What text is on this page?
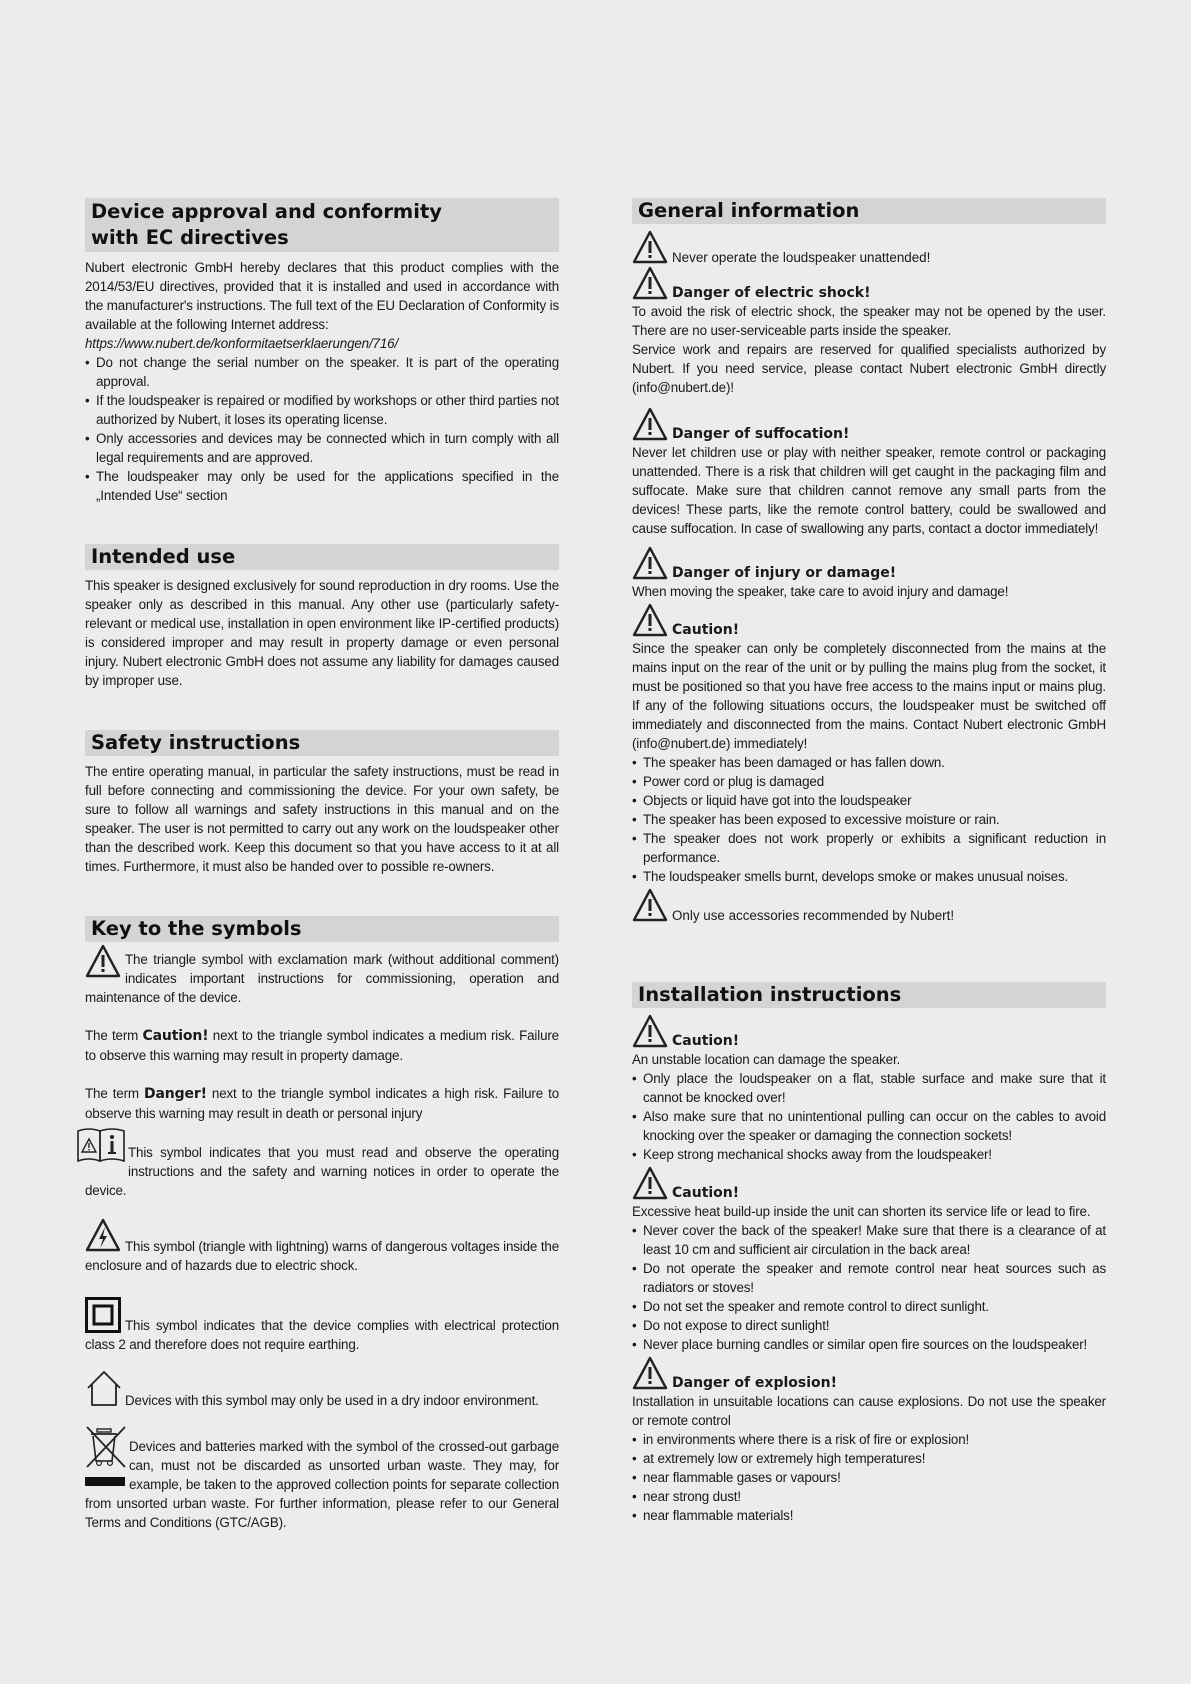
Device approval and conformity
with EC directives

Nubert electronic GmbH hereby declares that this product complies with the 2014/53/EU directives, provided that it is installed and used in accordance with the manufacturer's instructions. The full text of the EU Declaration of Conformity is available at the following Internet address:

https://www.nubert.de/konformitaetserklaerungen/716/

• Do not change the serial number on the speaker. It is part of the operating approval.
• If the loudspeaker is repaired or modified by workshops or other third parties not authorized by Nubert, it loses its operating license.
• Only accessories and devices may be connected which in turn comply with all legal requirements and are approved.
• The loudspeaker may only be used for the applications specified in the „Intended Use“ section
Intended use

This speaker is designed exclusively for sound reproduction in dry rooms. Use the speaker only as described in this manual. Any other use (particularly safety-relevant or medical use, installation in open environment like IP-certified products) is considered improper and may result in property damage or even personal injury. Nubert electronic GmbH does not assume any liability for damages caused by improper use.

Safety instructions

The entire operating manual, in particular the safety instructions, must be read in full before connecting and commissioning the device. For your own safety, be sure to follow all warnings and safety instructions in this manual and on the speaker. The user is not permitted to carry out any work on the loudspeaker other than the described work. Keep this document so that you have access to it at all times. Furthermore, it must also be handed over to possible re-owners.

Key to the symbols

The triangle symbol with exclamation mark (without additional comment) indicates important instructions for commissioning, operation and maintenance of the device.

The term Caution! next to the triangle symbol indicates a medium risk. Failure to observe this warning may result in property damage.

The term Danger! next to the triangle symbol indicates a high risk. Failure to observe this warning may result in death or personal injury

This symbol indicates that you must read and observe the operating instructions and the safety and warning notices in order to operate the device.

This symbol (triangle with lightning) warns of dangerous voltages inside the enclosure and of hazards due to electric shock.

This symbol indicates that the device complies with electrical protection class 2 and therefore does not require earthing.

Devices with this symbol may only be used in a dry indoor environment.

Devices and batteries marked with the symbol of the crossed-out garbage can, must not be discarded as unsorted urban waste. They may, for example, be taken to the approved collection points for separate collection from unsorted urban waste. For further information, please refer to our General Terms and Conditions (GTC/AGB).

General information
Never operate the loudspeaker unattended!
Danger of electric shock!

To avoid the risk of electric shock, the speaker may not be opened by the user. There are no user-serviceable parts inside the speaker.

Service work and repairs are reserved for qualified specialists authorized by Nubert. If you need service, please contact Nubert electronic GmbH directly (info@nubert.de)!

Danger of suffocation!

Never let children use or play with neither speaker, remote control or packaging unattended. There is a risk that children will get caught in the packaging film and suffocate. Make sure that children cannot remove any small parts from the devices! These parts, like the remote control battery, could be swallowed and cause suffocation. In case of swallowing any parts, contact a doctor immediately!

Danger of injury or damage!

When moving the speaker, take care to avoid injury and damage!

Caution!

Since the speaker can only be completely disconnected from the mains at the mains input on the rear of the unit or by pulling the mains plug from the socket, it must be positioned so that you have free access to the mains input or mains plug. If any of the following situations occurs, the loudspeaker must be switched off immediately and disconnected from the mains. Contact Nubert electronic GmbH (info@nubert.de) immediately!

• The speaker has been damaged or has fallen down.
• Power cord or plug is damaged
• Objects or liquid have got into the loudspeaker
• The speaker has been exposed to excessive moisture or rain.
• The speaker does not work properly or exhibits a significant reduction in performance.
• The loudspeaker smells burnt, develops smoke or makes unusual noises.
Only use accessories recommended by Nubert!
Installation instructions
Caution!

An unstable location can damage the speaker.

• Only place the loudspeaker on a flat, stable surface and make sure that it cannot be knocked over!
• Also make sure that no unintentional pulling can occur on the cables to avoid knocking over the speaker or damaging the connection sockets!
• Keep strong mechanical shocks away from the loudspeaker!
Caution!

Excessive heat build-up inside the unit can shorten its service life or lead to fire.

• Never cover the back of the speaker! Make sure that there is a clearance of at least 10 cm and sufficient air circulation in the back area!
• Do not operate the speaker and remote control near heat sources such as radiators or stoves!
• Do not set the speaker and remote control to direct sunlight.
• Do not expose to direct sunlight!
• Never place burning candles or similar open fire sources on the loudspeaker!
Danger of explosion!

Installation in unsuitable locations can cause explosions. Do not use the speaker or remote control

• in environments where there is a risk of fire or explosion!
• at extremely low or extremely high temperatures!
• near flammable gases or vapours!
• near strong dust!
• near flammable materials!
